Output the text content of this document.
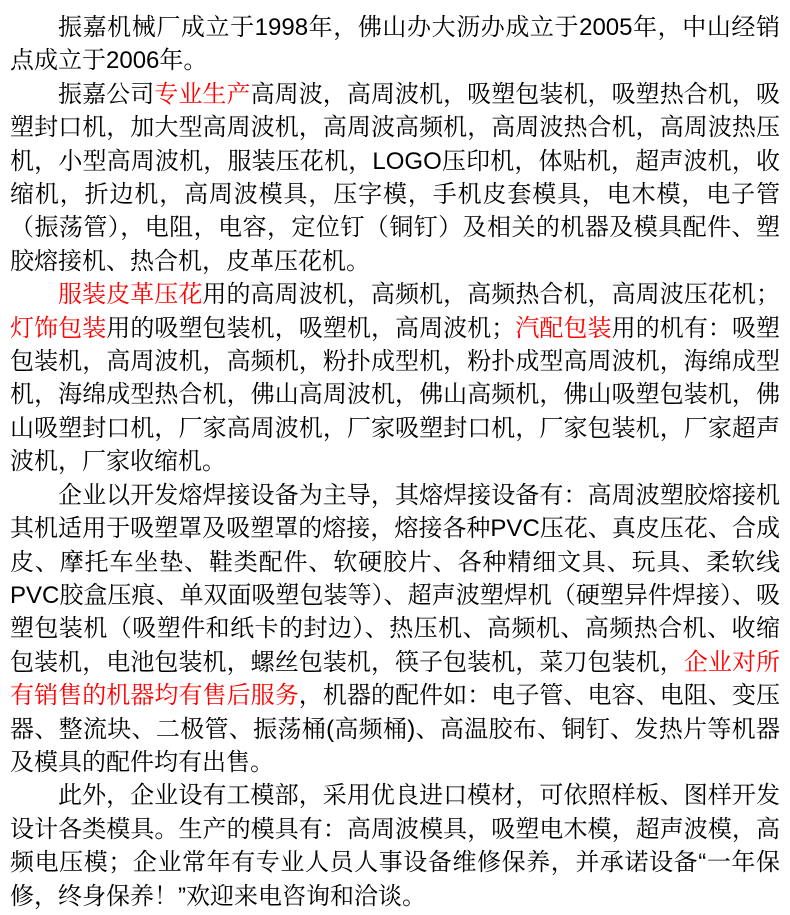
振嘉机械厂成立于1998年，佛山办大沥办成立于2005年，中山经销点成立于2006年。

振嘉公司专业生产高周波，高周波机，吸塑包装机，吸塑热合机，吸塑封口机，加大型高周波机，高周波高频机，高周波热合机，高周波热压机，小型高周波机，服装压花机，LOGO压印机，体贴机，超声波机，收缩机，折边机，高周波模具，压字模，手机皮套模具，电木模，电子管（振荡管），电阻，电容，定位钉（铜钉）及相关的机器及模具配件、塑胶熔接机、热合机，皮革压花机。

服装皮革压花用的高周波机，高频机，高频热合机，高周波压花机；灯饰包装用的吸塑包装机，吸塑机，高周波机；汽配包装用的机有：吸塑包装机，高周波机，高频机，粉扑成型机，粉扑成型高周波机，海绵成型机，海绵成型热合机，佛山高周波机，佛山高频机，佛山吸塑包装机，佛山吸塑封口机，厂家高周波机，厂家吸塑封口机，厂家包装机，厂家超声波机，厂家收缩机。

企业以开发熔焊接设备为主导，其熔焊接设备有：高周波塑胶熔接机其机适用于吸塑罩及吸塑罩的熔接，熔接各种PVC压花、真皮压花、合成皮、摩托车坐垫、鞋类配件、软硬胶片、各种精细文具、玩具、柔软线PVC胶盒压痕、单双面吸塑包装等）、超声波塑焊机（硬塑异件焊接）、吸塑包装机（吸塑件和纸卡的封边）、热压机、高频机、高频热合机、收缩包装机，电池包装机，螺丝包装机，筷子包装机，菜刀包装机，企业对所有销售的机器均有售后服务，机器的配件如：电子管、电容、电阻、变压器、整流块、二极管、振荡桶(高频桶)、高温胶布、铜钉、发热片等机器及模具的配件均有出售。

此外，企业设有工模部，采用优良进口模材，可依照样板、图样开发设计各类模具。生产的模具有：高周波模具，吸塑电木模，超声波模，高频电压模；企业常年有专业人员人事设备维修保养，并承诺设备“一年保修，终身保养！”欢迎来电咨询和洽谈。
